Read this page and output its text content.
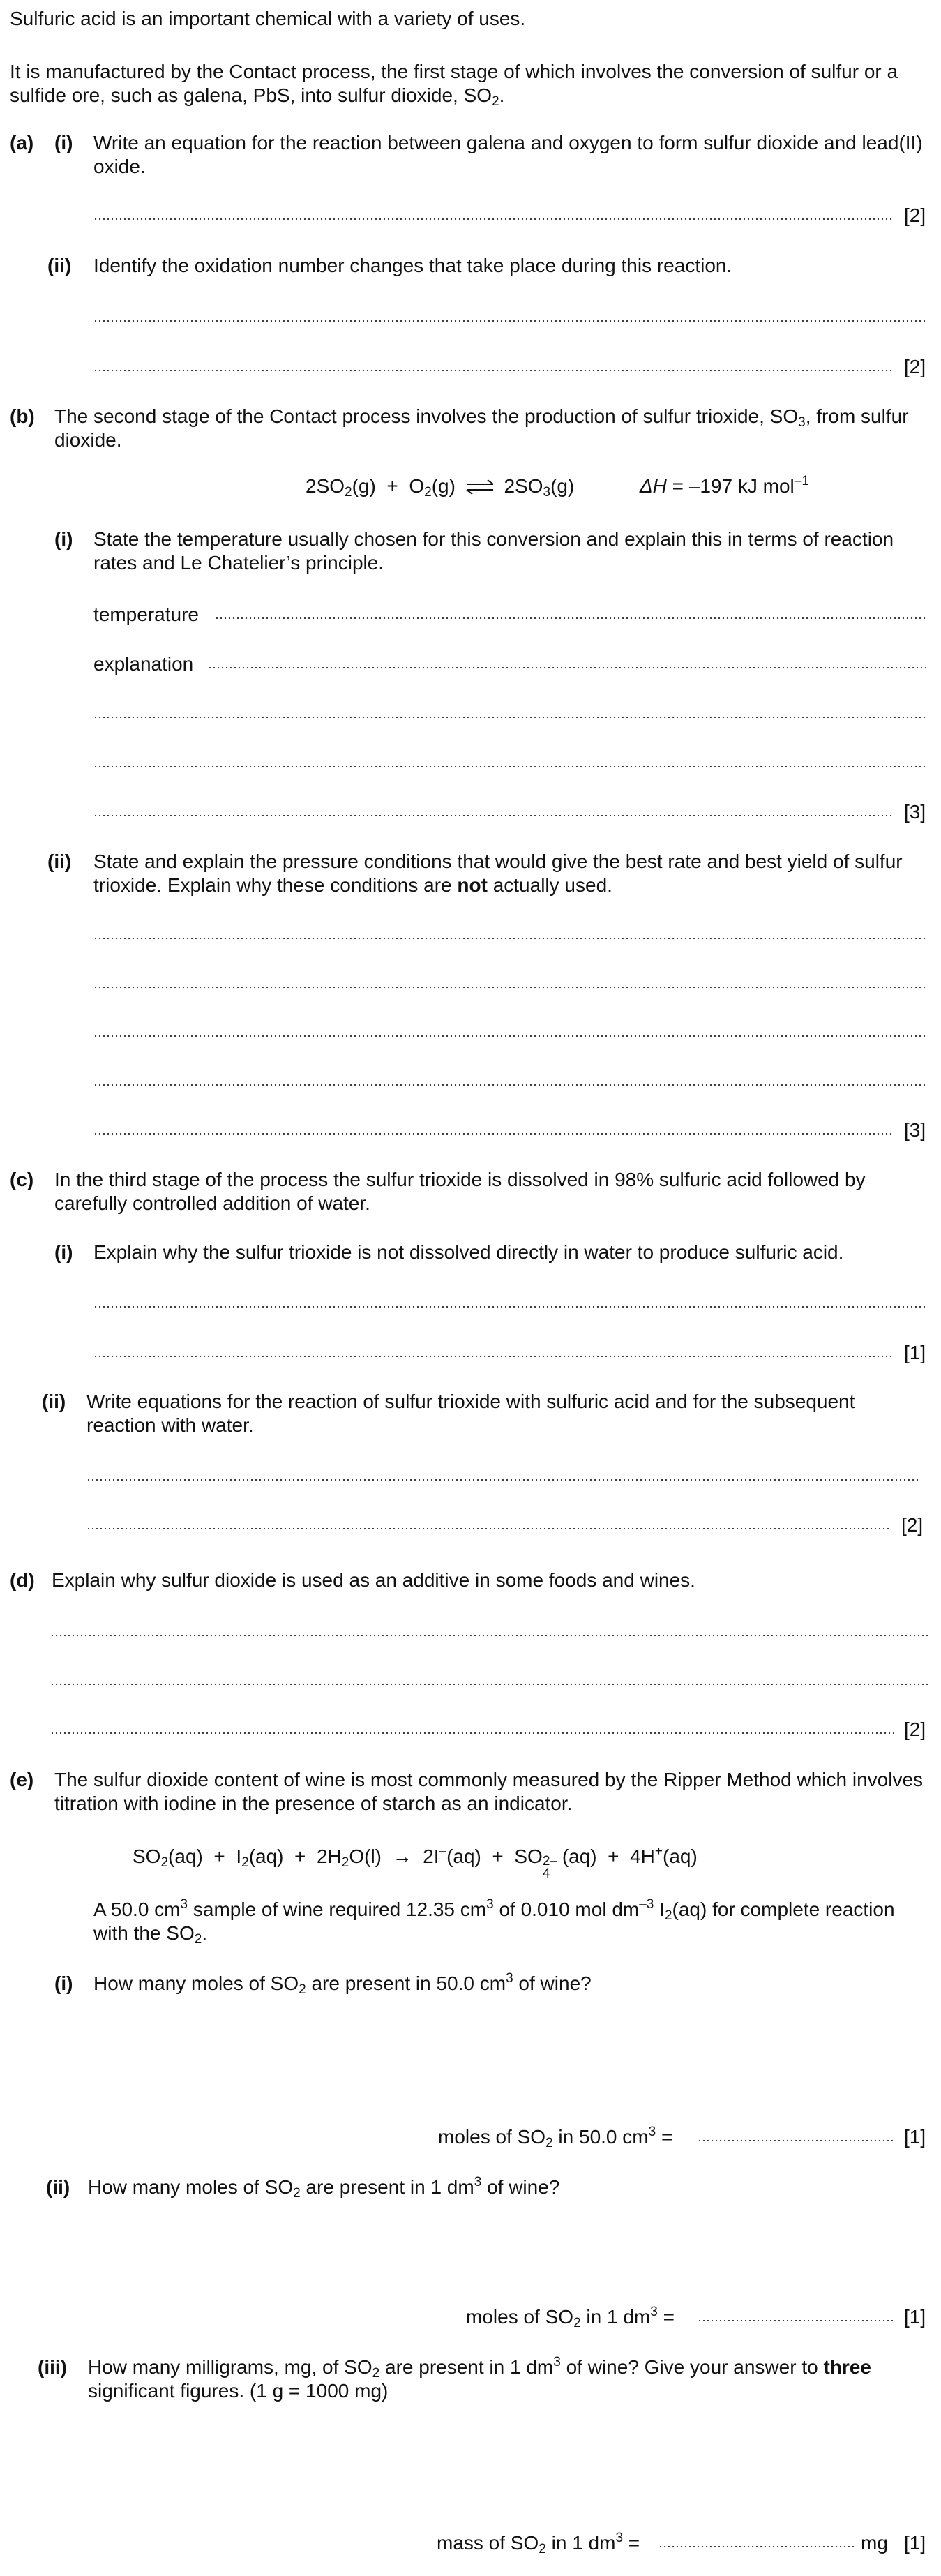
Sulfuric acid is an important chemical with a variety of uses.

It is manufactured by the Contact process, the first stage of which involves the conversion of sulfur or a sulfide ore, such as galena, PbS, into sulfur dioxide, $SO_2$.

(a) (i) Write an equation for the reaction between galena and oxygen to form sulfur dioxide and lead(II) oxide.

[2]
(ii) Identify the oxidation number changes that take place during this reaction.

[2]
(b) The second stage of the Contact process involves the production of sulfur trioxide, $SO_3$, from sulfur dioxide.

$2SO_2(g) + O_2(g)$ ⇌ $2SO_3(g)$	ΔH = –197 kJ mol$^{-1}$
(i) State the temperature usually chosen for this conversion and explain this in terms of reaction rates and Le Chatelier’s principle.

temperature
explanation
[3]
(ii) State and explain the pressure conditions that would give the best rate and best yield of sulfur trioxide. Explain why these conditions are not actually used.

[3]
(c) In the third stage of the process the sulfur trioxide is dissolved in 98% sulfuric acid followed by carefully controlled addition of water.

(i) Explain why the sulfur trioxide is not dissolved directly in water to produce sulfuric acid.

[1]
(ii) Write equations for the reaction of sulfur trioxide with sulfuric acid and for the subsequent reaction with water.

[2]
(d) Explain why sulfur dioxide is used as an additive in some foods and wines.

[2]
(e) The sulfur dioxide content of wine is most commonly measured by the Ripper Method which involves titration with iodine in the presence of starch as an indicator.

$SO_2(aq) + I_2(aq) + 2H_2O(l) \to 2I^-(aq)$ + SO
4
2– (aq) + 4H+(aq)

A 50.0 $cm^3$ sample of wine required 12.35 $cm^3$ of 0.010 mol $dm^{-3}$ $I_2(aq)$ for complete reaction with the $SO_2$.

(i) How many moles of $SO_2$ are present in 50.0 $cm^3$ of wine?

moles of $SO_2$ in 50.0 $cm^3$ =	[1]
(ii) How many moles of $SO_2$ are present in 1 $dm^3$ of wine?

moles of $SO_2$ in 1 $dm^3$ =	[1]
(iii) How many milligrams, mg, of $SO_2$ are present in 1 $dm^3$ of wine? Give your answer to three significant figures. (1 g = 1000 mg)

mass of $SO_2$ in 1 $dm^3$ =	mg [1]
